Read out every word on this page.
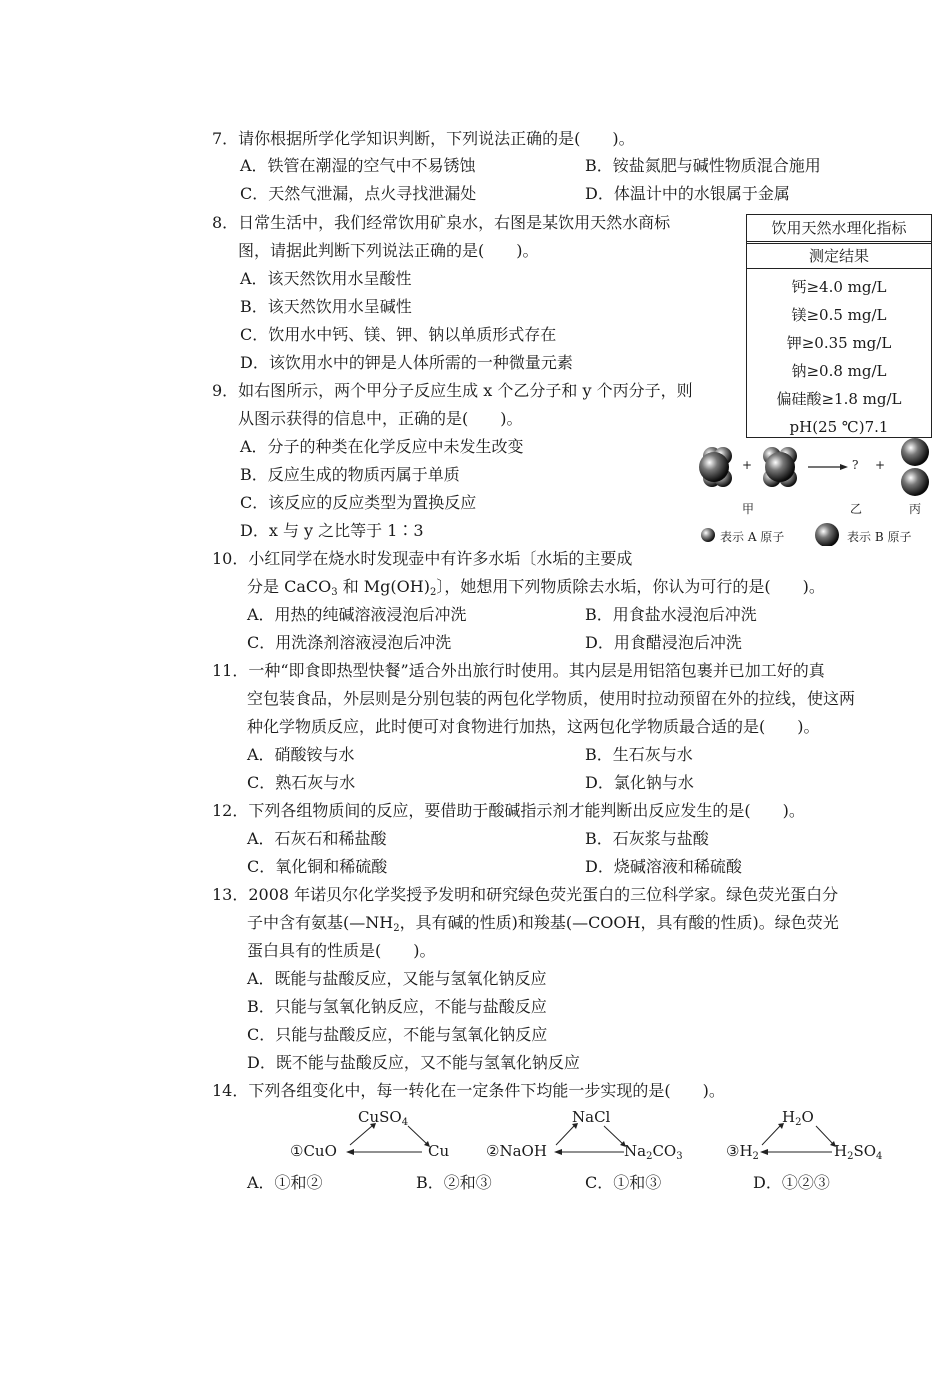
7．请你根据所学化学知识判断，下列说法正确的是(　　)。
A．铁管在潮湿的空气中不易锈蚀	B．铵盐氮肥与碱性物质混合施用
C．天然气泄漏，点火寻找泄漏处	D．体温计中的水银属于金属
8．日常生活中，我们经常饮用矿泉水，右图是某饮用天然水商标
图，请据此判断下列说法正确的是(　　)。
A．该天然饮用水呈酸性
B．该天然饮用水呈碱性
C．饮用水中钙、镁、钾、钠以单质形式存在
D．该饮用水中的钾是人体所需的一种微量元素
饮用天然水理化指标
测定结果
钙≥4.0 mg/L
镁≥0.5 mg/L
钾≥0.35 mg/L
钠≥0.8 mg/L
偏硅酸≥1.8 mg/L
pH(25 ℃)7.1
9．如右图所示，两个甲分子反应生成 x 个乙分子和 y 个丙分子，则
从图示获得的信息中，正确的是(　　)。
A．分子的种类在化学反应中未发生改变
B．反应生成的物质丙属于单质
C．该反应的反应类型为置换反应
D．x 与 y 之比等于 1∶3
+	? +
甲	乙	丙
表示 A 原子	表示 B 原子
10．小红同学在烧水时发现壶中有许多水垢〔水垢的主要成
分是 CaCO$_3$ 和 $Mg(OH)_2$〕，她想用下列物质除去水垢，你认为可行的是(　　)。
A．用热的纯碱溶液浸泡后冲洗	B．用食盐水浸泡后冲洗
C．用洗涤剂溶液浸泡后冲洗	D．用食醋浸泡后冲洗
11．一种“即食即热型快餐”适合外出旅行时使用。其内层是用铝箔包裹并已加工好的真
空包装食品，外层则是分别包装的两包化学物质，使用时拉动预留在外的拉线，使这两
种化学物质反应，此时便可对食物进行加热，这两包化学物质最合适的是(　　)。
A．硝酸铵与水	B．生石灰与水
C．熟石灰与水	D．氯化钠与水
12．下列各组物质间的反应，要借助于酸碱指示剂才能判断出反应发生的是(　　)。
A．石灰石和稀盐酸	B．石灰浆与盐酸
C．氧化铜和稀硫酸	D．烧碱溶液和稀硫酸
13．2008 年诺贝尔化学奖授予发明和研究绿色荧光蛋白的三位科学家。绿色荧光蛋白分
子中含有氨基($—NH_2$，具有碱的性质)和羧基(—COOH，具有酸的性质)。绿色荧光
蛋白具有的性质是(　　)。
A．既能与盐酸反应，又能与氢氧化钠反应
B．只能与氢氧化钠反应，不能与盐酸反应
C．只能与盐酸反应，不能与氢氧化钠反应
D．既不能与盐酸反应，又不能与氢氧化钠反应
14．下列各组变化中，每一转化在一定条件下均能一步实现的是(　　)。
CuSO$_4$
①CuO	Cu
NaCl
②NaOH	$Na_2CO_3$
$H_2O$
$③H_2$	$H_2SO_4$
A．①和②	B．②和③	C．①和③	D．①②③
